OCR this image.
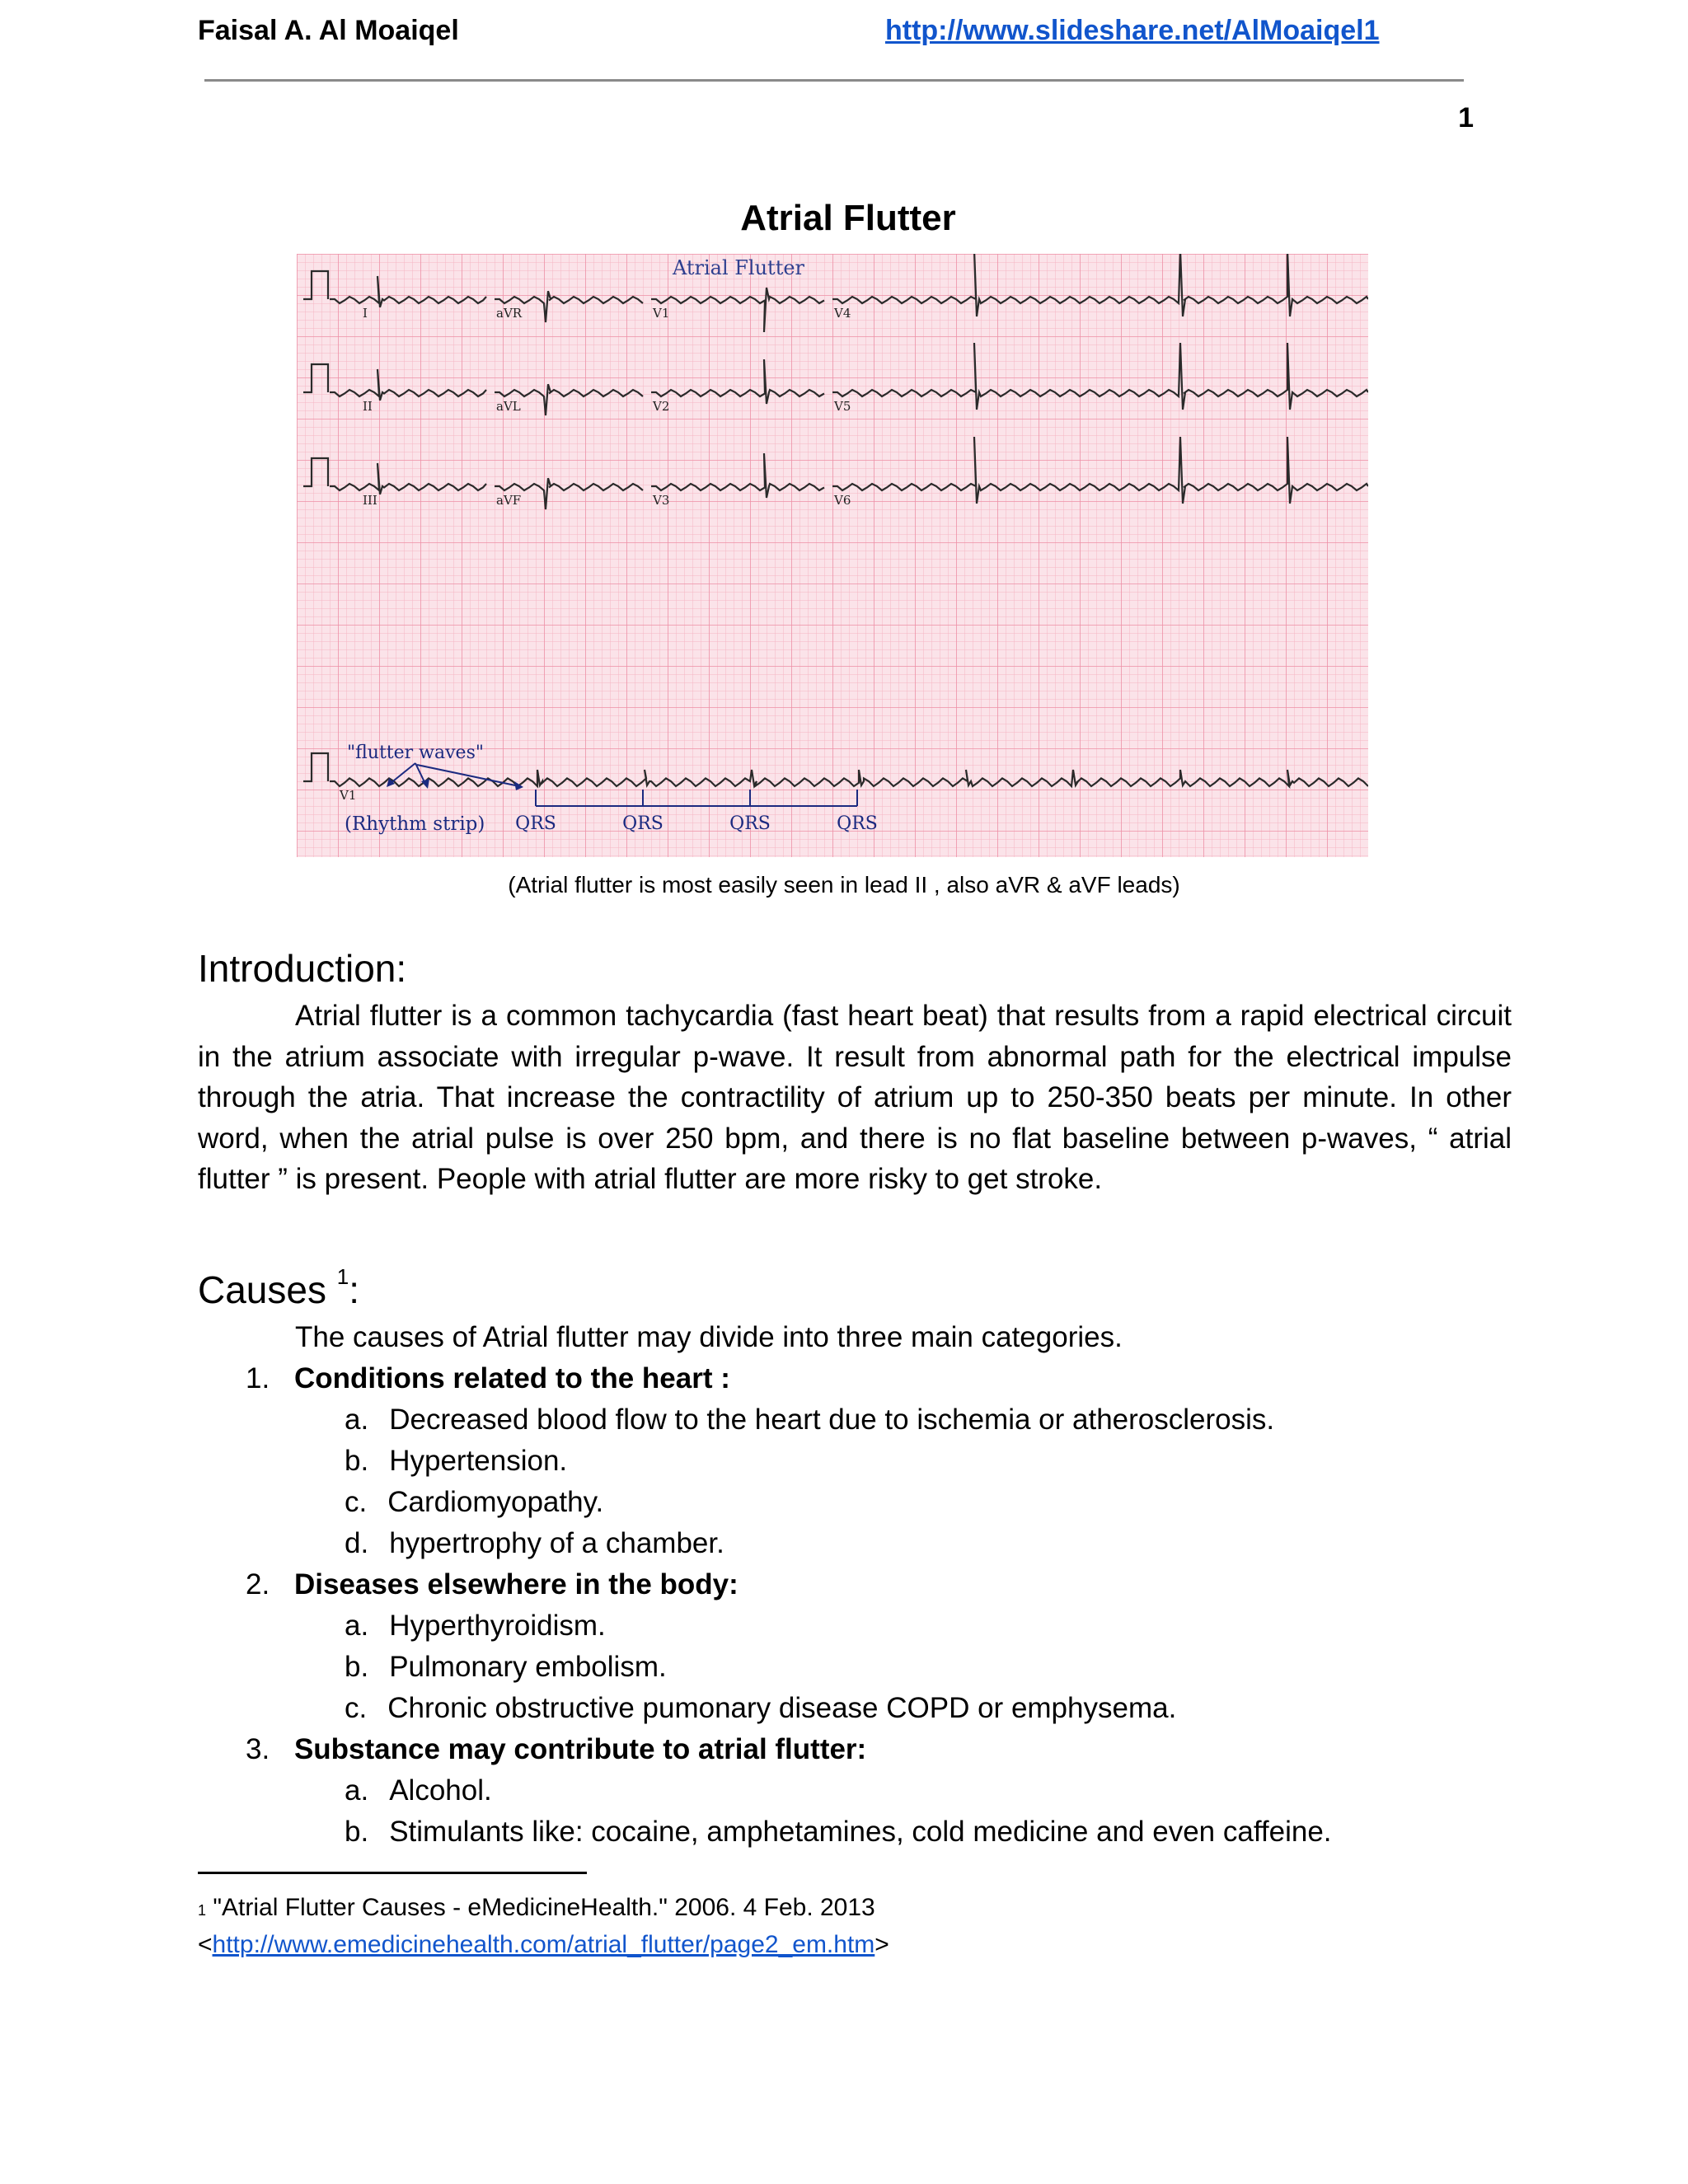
Faisal A. Al Moaiqel	http://www.slideshare.net/AlMoaiqel1
1
Atrial Flutter
I	aVR	V1	V4
II	aVL	V2	V5
III	aVF	V3	V6
V1
Atrial Flutter
"flutter waves"
(Rhythm strip) QRS	QRS	QRS	QRS
(Atrial flutter is most easily seen in lead II , also aVR & aVF leads)
Introduction:

Atrial flutter is a common tachycardia (fast heart beat) that results from a rapid electrical circuit in the atrium associate with irregular p-wave. It result from abnormal path for the electrical impulse through the atria. That increase the contractility of atrium up to 250-350 beats per minute. In other word, when the atrial pulse is over 250 bpm, and there is no flat baseline between p-waves, “ atrial flutter ” is present. People with atrial flutter are more risky to get stroke.

Causes $^1$:
The causes of Atrial flutter may divide into three main categories.
1. Conditions related to the heart :
a. Decreased blood flow to the heart due to ischemia or atherosclerosis.
b. Hypertension.
c. Cardiomyopathy.
d. hypertrophy of a chamber.
2. Diseases elsewhere in the body:
a. Hyperthyroidism.
b. Pulmonary embolism.
c. Chronic obstructive pumonary disease COPD or emphysema.
3. Substance may contribute to atrial flutter:
a. Alcohol.
b. Stimulants like: cocaine, amphetamines, cold medicine and even caffeine.
$^1$ "Atrial Flutter Causes - eMedicineHealth." 2006. 4 Feb. 2013
<http://www.emedicinehealth.com/atrial_flutter/page2_em.htm>
